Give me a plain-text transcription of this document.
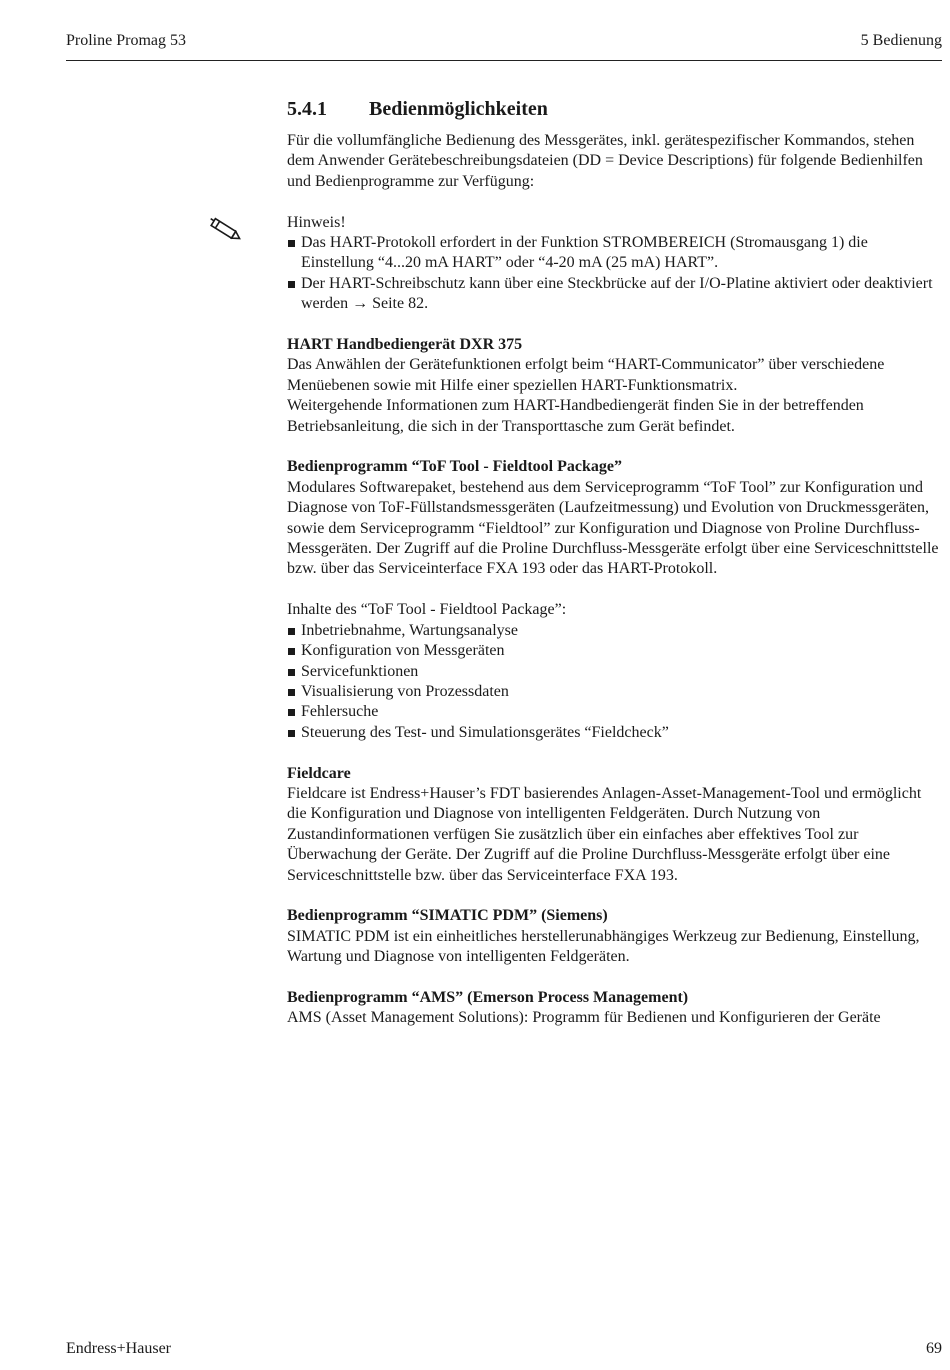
Proline Promag 53	5 Bedienung
5.4.1 Bedienmöglichkeiten

Für die vollumfängliche Bedienung des Messgerätes, inkl. gerätespezifischer Kommandos, stehen dem Anwender Gerätebeschreibungsdateien (DD = Device Descriptions) für folgende Bedienhilfen und Bedienprogramme zur Verfügung:

Hinweis!

Das HART-Protokoll erfordert in der Funktion STROMBEREICH (Stromausgang 1) die Einstellung “4...20 mA HART” oder “4-20 mA (25 mA) HART”.
Der HART-Schreibschutz kann über eine Steckbrücke auf der I/O-Platine aktiviert oder deaktiviert werden → Seite 82.

HART Handbediengerät DXR 375

Das Anwählen der Gerätefunktionen erfolgt beim “HART-Communicator” über verschiedene Menüebenen sowie mit Hilfe einer speziellen HART-Funktionsmatrix.

Weitergehende Informationen zum HART-Handbediengerät finden Sie in der betreffenden Betriebsanleitung, die sich in der Transporttasche zum Gerät befindet.

Bedienprogramm “ToF Tool - Fieldtool Package”

Modulares Softwarepaket, bestehend aus dem Serviceprogramm “ToF Tool” zur Konfiguration und Diagnose von ToF-Füllstandsmessgeräten (Laufzeitmessung) und Evolution von Druckmessgeräten, sowie dem Serviceprogramm “Fieldtool” zur Konfiguration und Diagnose von Proline Durchfluss-Messgeräten. Der Zugriff auf die Proline Durchfluss-Messgeräte erfolgt über eine Serviceschnittstelle bzw. über das Serviceinterface FXA 193 oder das HART-Protokoll.

Inhalte des “ToF Tool - Fieldtool Package”:

Inbetriebnahme, Wartungsanalyse
Konfiguration von Messgeräten
Servicefunktionen
Visualisierung von Prozessdaten
Fehlersuche
Steuerung des Test- und Simulationsgerätes “Fieldcheck”

Fieldcare

Fieldcare ist Endress+Hauser’s FDT basierendes Anlagen-Asset-Management-Tool und ermöglicht die Konfiguration und Diagnose von intelligenten Feldgeräten. Durch Nutzung von Zustandinformationen verfügen Sie zusätzlich über ein einfaches aber effektives Tool zur Überwachung der Geräte. Der Zugriff auf die Proline Durchfluss-Messgeräte erfolgt über eine Serviceschnittstelle bzw. über das Serviceinterface FXA 193.

Bedienprogramm “SIMATIC PDM” (Siemens)

SIMATIC PDM ist ein einheitliches herstellerunabhängiges Werkzeug zur Bedienung, Einstellung, Wartung und Diagnose von intelligenten Feldgeräten.

Bedienprogramm “AMS” (Emerson Process Management)

AMS (Asset Management Solutions): Programm für Bedienen und Konfigurieren der Geräte

Endress+Hauser	69
